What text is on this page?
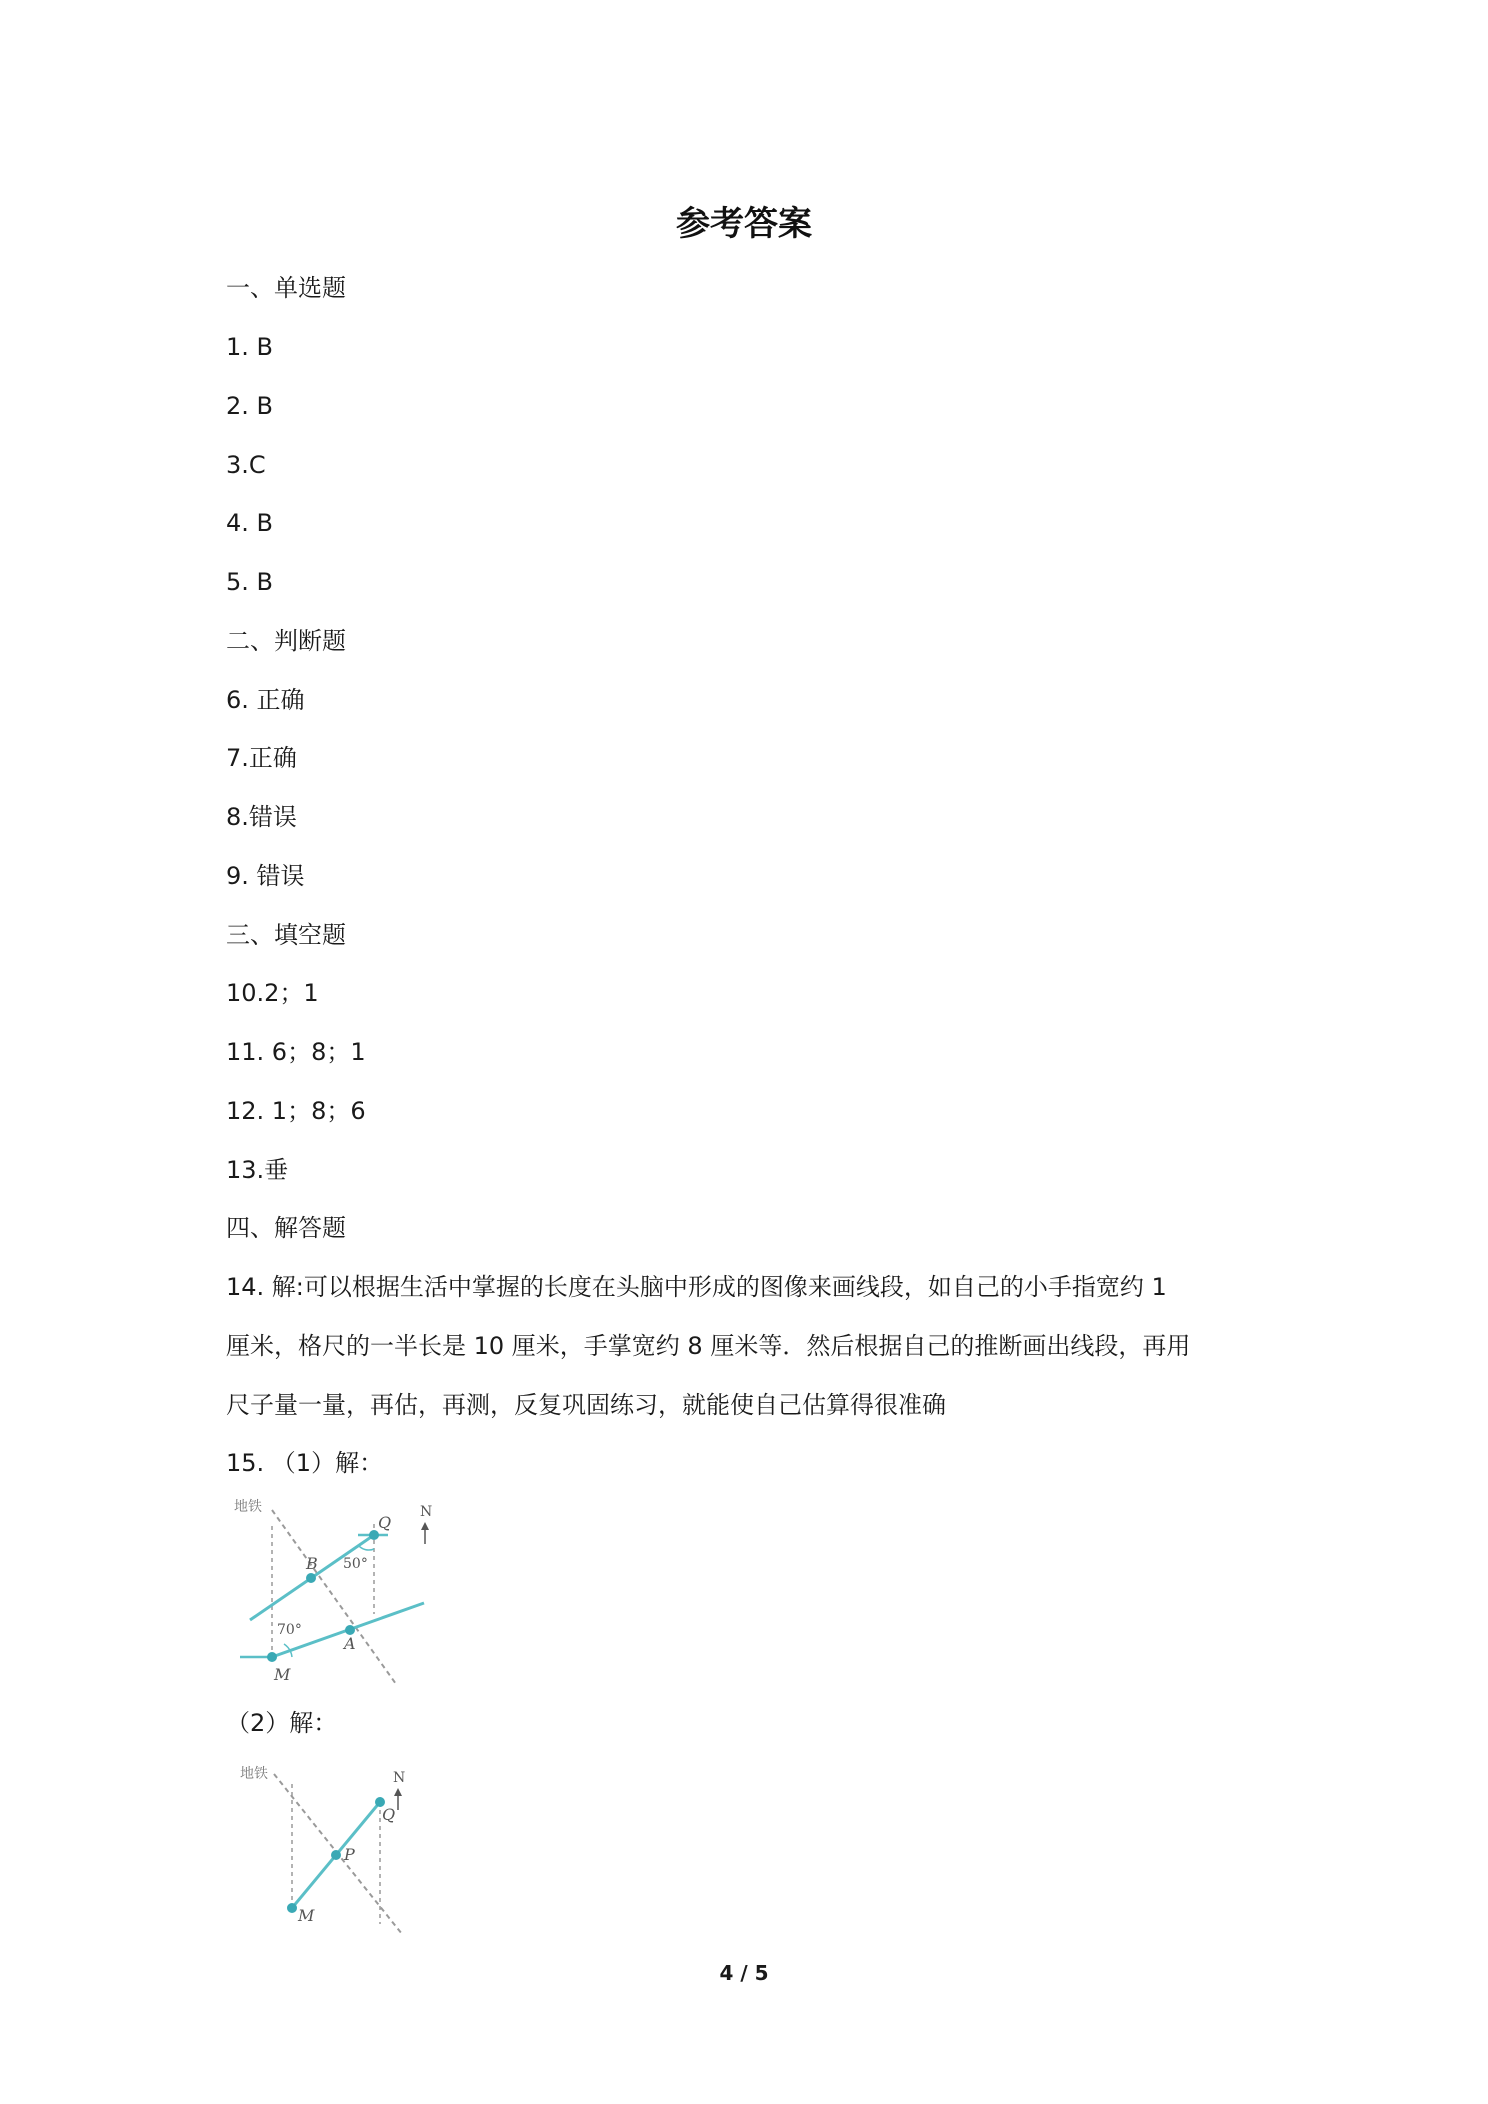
参考答案
一、单选题
1. B
2. B
3.C
4. B
5. B
二、判断题
6. 正确
7.正确
8.错误
9. 错误
三、填空题
10.2；1
11. 6；8；1
12. 1；8；6
13.垂
四、解答题
14. 解:可以根据生活中掌握的长度在头脑中形成的图像来画线段，如自己的小手指宽约 1
厘米，格尺的一半长是 10 厘米，手掌宽约 8 厘米等．然后根据自己的推断画出线段，再用
尺子量一量，再估，再测，反复巩固练习，就能使自己估算得很准确
15. （1）解：
地铁	N
Q
B
A
M
50°
70°
（2）解：
地铁	N
Q
P
M
4 / 5
